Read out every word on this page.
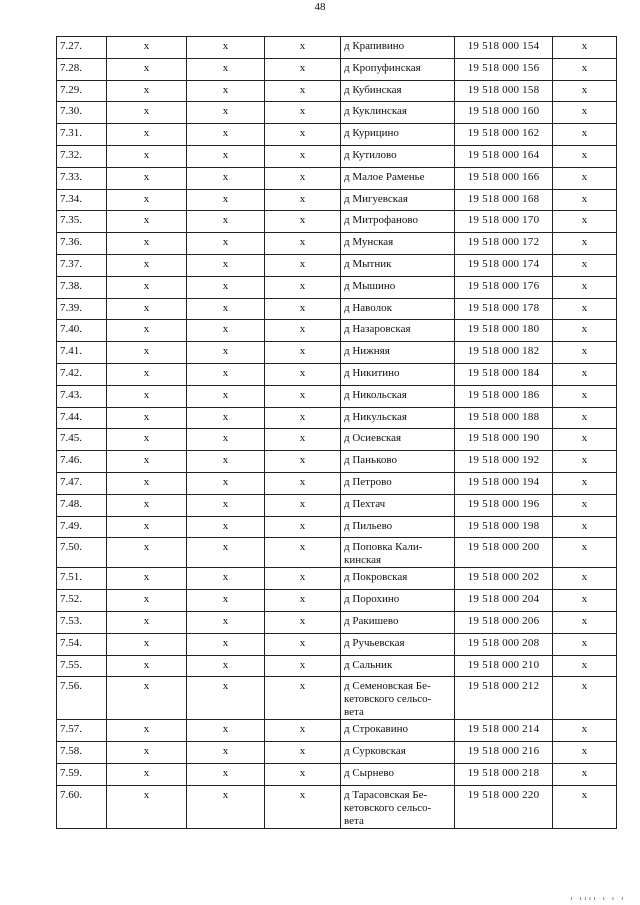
48
7.27.	x	x	x	д Крапивино	19 518 000 154	x

7.28.	x	x	x	д Кропуфинская	19 518 000 156	x

7.29.	x	x	x	д Кубинская	19 518 000 158	x

7.30.	x	x	x	д Куклинская	19 518 000 160	x

7.31.	x	x	x	д Курицино	19 518 000 162	x

7.32.	x	x	x	д Кутилово	19 518 000 164	x

7.33.	x	x	x	д Малое Раменье	19 518 000 166	x

7.34.	x	x	x	д Мигуевская	19 518 000 168	x

7.35.	x	x	x	д Митрофаново	19 518 000 170	x

7.36.	x	x	x	д Мунская	19 518 000 172	x

7.37.	x	x	x	д Мытник	19 518 000 174	x

7.38.	x	x	x	д Мышино	19 518 000 176	x

7.39.	x	x	x	д Наволок	19 518 000 178	x

7.40.	x	x	x	д Назаровская	19 518 000 180	x

7.41.	x	x	x	д Нижняя	19 518 000 182	x

7.42.	x	x	x	д Никитино	19 518 000 184	x

7.43.	x	x	x	д Никольская	19 518 000 186	x

7.44.	x	x	x	д Никульская	19 518 000 188	x

7.45.	x	x	x	д Осиевская	19 518 000 190	x

7.46.	x	x	x	д Паньково	19 518 000 192	x

7.47.	x	x	x	д Петрово	19 518 000 194	x

7.48.	x	x	x	д Пехтач	19 518 000 196	x

7.49.	x	x	x	д Пильево	19 518 000 198	x

7.50.	x	x	x	д Поповка Кали-
кинская	19 518 000 200	x

7.51.	x	x	x	д Покровская	19 518 000 202	x

7.52.	x	x	x	д Порохино	19 518 000 204	x

7.53.	x	x	x	д Ракишево	19 518 000 206	x

7.54.	x	x	x	д Ручьевская	19 518 000 208	x

7.55.	x	x	x	д Сальник	19 518 000 210	x

7.56.	x	x	x	д Семеновская Бе-
кетовского сельсо-
вета	19 518 000 212	x

7.57.	x	x	x	д Строкавино	19 518 000 214	x

7.58.	x	x	x	д Сурковская	19 518 000 216	x

7.59.	x	x	x	д Сырнево	19 518 000 218	x

7.60.	x	x	x	д Тарасовская Бе-
кетовского сельсо-
вета	19 518 000 220	x
ı ıııı ı ı ı
